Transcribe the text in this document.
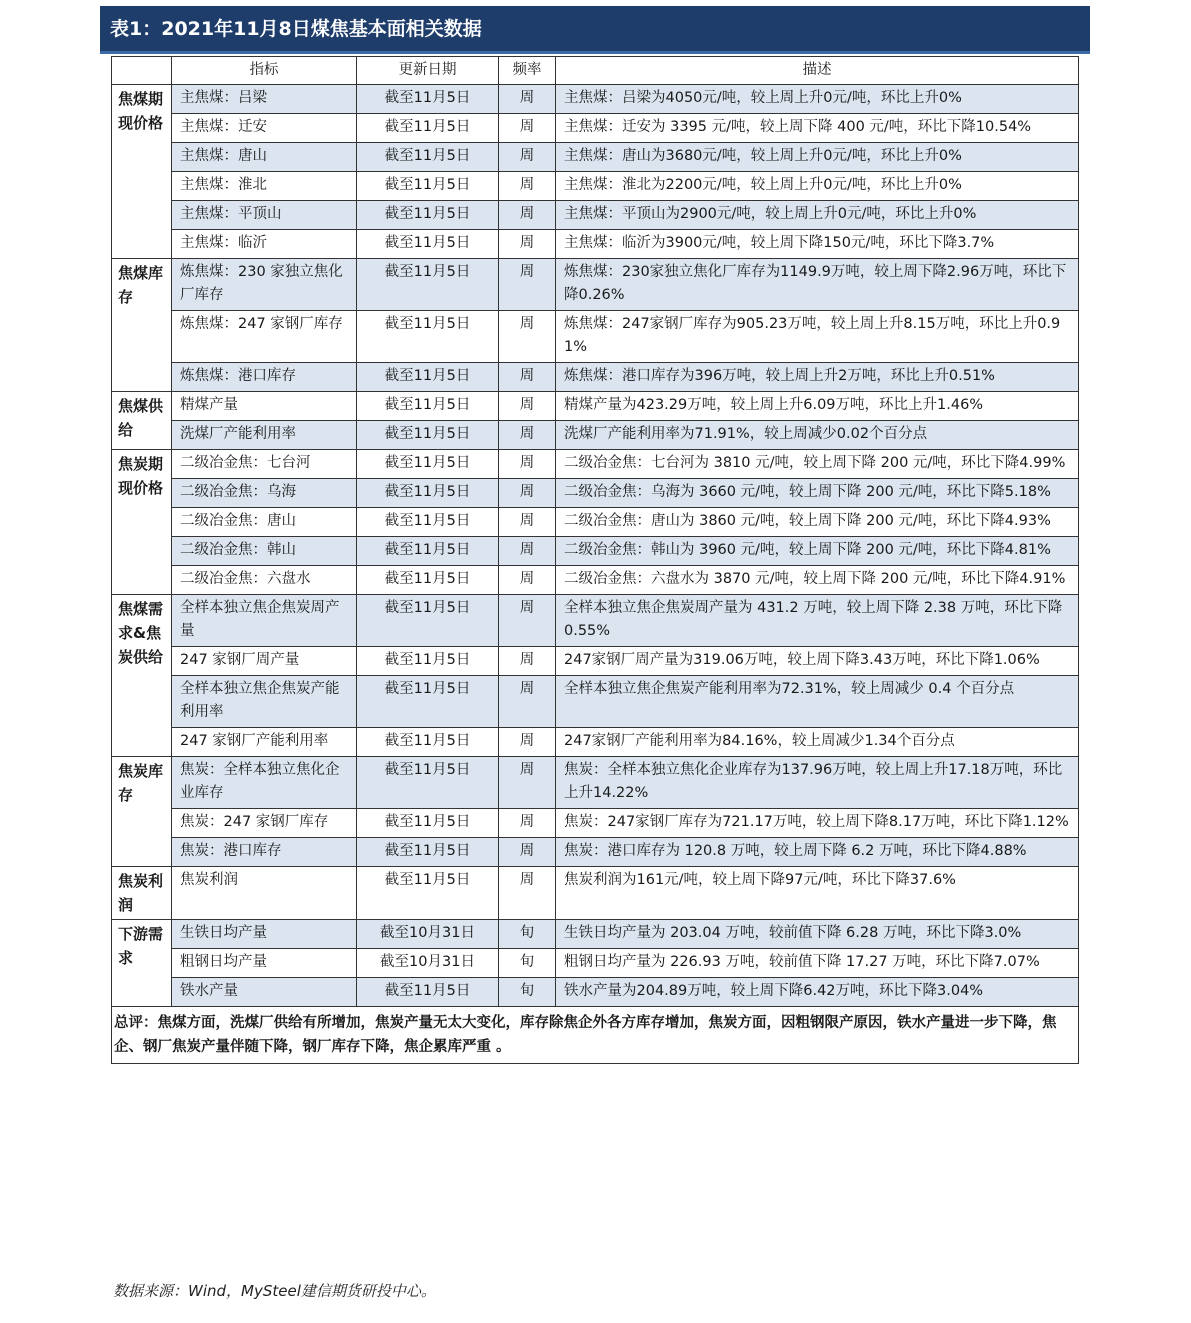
表1：2021年11月8日煤焦基本面相关数据
	指标	更新日期	频率	描述
焦煤期现价格	主焦煤：吕梁	截至11月5日	周	主焦煤：吕梁为4050元/吨，较上周上升0元/吨，环比上升0%
	主焦煤：迁安	截至11月5日	周	主焦煤：迁安为 3395 元/吨，较上周下降 400 元/吨，环比下降10.54%
	主焦煤：唐山	截至11月5日	周	主焦煤：唐山为3680元/吨，较上周上升0元/吨，环比上升0%
	主焦煤：淮北	截至11月5日	周	主焦煤：淮北为2200元/吨，较上周上升0元/吨，环比上升0%
	主焦煤：平顶山	截至11月5日	周	主焦煤：平顶山为2900元/吨，较上周上升0元/吨，环比上升0%
	主焦煤：临沂	截至11月5日	周	主焦煤：临沂为3900元/吨，较上周下降150元/吨，环比下降3.7%
焦煤库存	炼焦煤：230 家独立焦化厂库存	截至11月5日	周	炼焦煤：230家独立焦化厂库存为1149.9万吨，较上周下降2.96万吨，环比下降0.26%
	炼焦煤：247 家钢厂库存	截至11月5日	周	炼焦煤：247家钢厂库存为905.23万吨，较上周上升8.15万吨，环比上升0.91%
	炼焦煤：港口库存	截至11月5日	周	炼焦煤：港口库存为396万吨，较上周上升2万吨，环比上升0.51%
焦煤供给	精煤产量	截至11月5日	周	精煤产量为423.29万吨，较上周上升6.09万吨，环比上升1.46%
	洗煤厂产能利用率	截至11月5日	周	洗煤厂产能利用率为71.91%，较上周减少0.02个百分点
焦炭期现价格	二级冶金焦：七台河	截至11月5日	周	二级冶金焦：七台河为 3810 元/吨，较上周下降 200 元/吨，环比下降4.99%
	二级冶金焦：乌海	截至11月5日	周	二级冶金焦：乌海为 3660 元/吨，较上周下降 200 元/吨，环比下降5.18%
	二级冶金焦：唐山	截至11月5日	周	二级冶金焦：唐山为 3860 元/吨，较上周下降 200 元/吨，环比下降4.93%
	二级冶金焦：韩山	截至11月5日	周	二级冶金焦：韩山为 3960 元/吨，较上周下降 200 元/吨，环比下降4.81%
	二级冶金焦：六盘水	截至11月5日	周	二级冶金焦：六盘水为 3870 元/吨，较上周下降 200 元/吨，环比下降4.91%
焦煤需求&焦炭供给	全样本独立焦企焦炭周产量	截至11月5日	周	全样本独立焦企焦炭周产量为 431.2 万吨，较上周下降 2.38 万吨，环比下降0.55%
	247 家钢厂周产量	截至11月5日	周	247家钢厂周产量为319.06万吨，较上周下降3.43万吨，环比下降1.06%
	全样本独立焦企焦炭产能利用率	截至11月5日	周	全样本独立焦企焦炭产能利用率为72.31%，较上周减少 0.4 个百分点
	247 家钢厂产能利用率	截至11月5日	周	247家钢厂产能利用率为84.16%，较上周减少1.34个百分点
焦炭库存	焦炭：全样本独立焦化企业库存	截至11月5日	周	焦炭：全样本独立焦化企业库存为137.96万吨，较上周上升17.18万吨，环比上升14.22%
	焦炭：247 家钢厂库存	截至11月5日	周	焦炭：247家钢厂库存为721.17万吨，较上周下降8.17万吨，环比下降1.12%
	焦炭：港口库存	截至11月5日	周	焦炭：港口库存为 120.8 万吨，较上周下降 6.2 万吨，环比下降4.88%
焦炭利润	焦炭利润	截至11月5日	周	焦炭利润为161元/吨，较上周下降97元/吨，环比下降37.6%
下游需求	生铁日均产量	截至10月31日	旬	生铁日均产量为 203.04 万吨，较前值下降 6.28 万吨，环比下降3.0%
	粗钢日均产量	截至10月31日	旬	粗钢日均产量为 226.93 万吨，较前值下降 17.27 万吨，环比下降7.07%
	铁水产量	截至11月5日	旬	铁水产量为204.89万吨，较上周下降6.42万吨，环比下降3.04%
总评：焦煤方面，洗煤厂供给有所增加，焦炭产量无太大变化，库存除焦企外各方库存增加，焦炭方面，因粗钢限产原因，铁水产量进一步下降，焦企、钢厂焦炭产量伴随下降，钢厂库存下降，焦企累库严重 。				
数据来源：Wind，MySteel建信期货研投中心。
